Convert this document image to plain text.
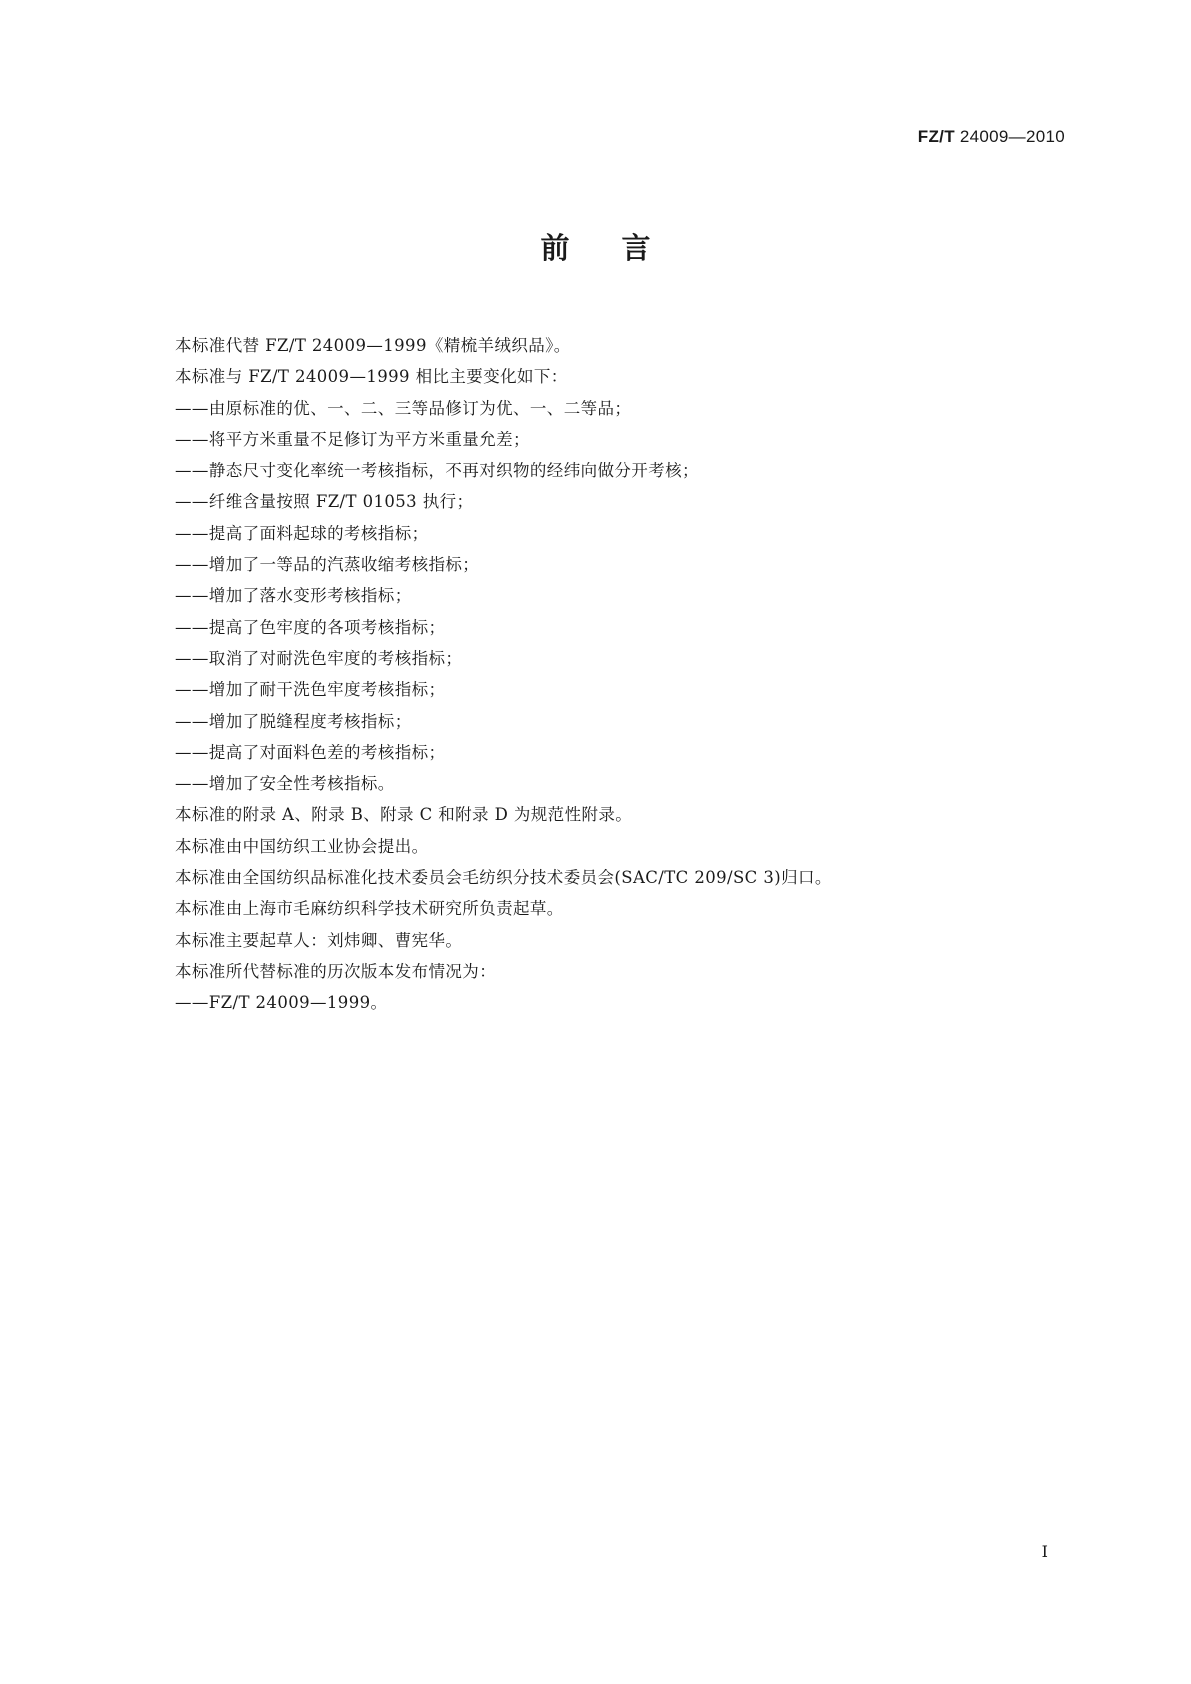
FZ/T 24009—2010
前言
本标准代替 FZ/T 24009—1999《精梳羊绒织品》。
本标准与 FZ/T 24009—1999 相比主要变化如下：
——由原标准的优、一、二、三等品修订为优、一、二等品；
——将平方米重量不足修订为平方米重量允差；
——静态尺寸变化率统一考核指标，不再对织物的经纬向做分开考核；
——纤维含量按照 FZ/T 01053 执行；
——提高了面料起球的考核指标；
——增加了一等品的汽蒸收缩考核指标；
——增加了落水变形考核指标；
——提高了色牢度的各项考核指标；
——取消了对耐洗色牢度的考核指标；
——增加了耐干洗色牢度考核指标；
——增加了脱缝程度考核指标；
——提高了对面料色差的考核指标；
——增加了安全性考核指标。
本标准的附录 A、附录 B、附录 C 和附录 D 为规范性附录。
本标准由中国纺织工业协会提出。
本标准由全国纺织品标准化技术委员会毛纺织分技术委员会(SAC/TC 209/SC 3)归口。
本标准由上海市毛麻纺织科学技术研究所负责起草。
本标准主要起草人：刘炜卿、曹宪华。
本标准所代替标准的历次版本发布情况为：
——FZ/T 24009—1999。
I
